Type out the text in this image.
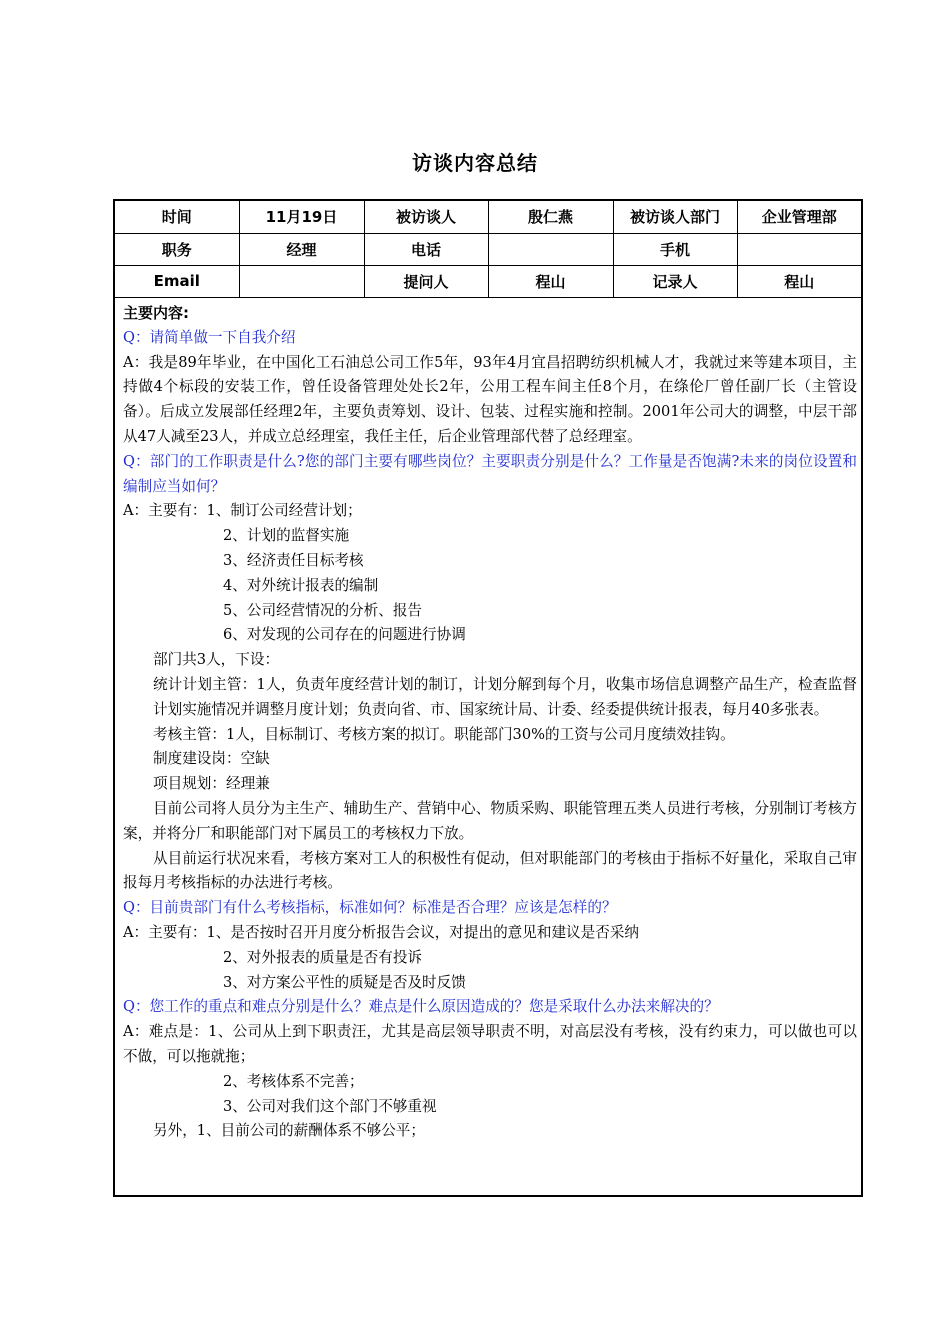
访谈内容总结
时间	11月19日	被访谈人	殷仁燕	被访谈人部门	企业管理部
职务	经理	电话		手机	
Email		提问人	程山	记录人	程山
主要内容:
Q：请简单做一下自我介绍
A：我是89年毕业，在中国化工石油总公司工作5年，93年4月宜昌招聘纺织机械人才，我就过来等建本项目，主持做4个标段的安装工作，曾任设备管理处处长2年，公用工程车间主任8个月，在绦伦厂曾任副厂长（主管设备）。后成立发展部任经理2年，主要负责筹划、设计、包装、过程实施和控制。2001年公司大的调整，中层干部从47人减至23人，并成立总经理室，我任主任，后企业管理部代替了总经理室。
Q：部门的工作职责是什么?您的部门主要有哪些岗位？主要职责分别是什么？工作量是否饱满?未来的岗位设置和编制应当如何？
A：主要有：1、制订公司经营计划；
2、计划的监督实施
3、经济责任目标考核
4、对外统计报表的编制
5、公司经营情况的分析、报告
6、对发现的公司存在的问题进行协调
部门共3人，下设：
统计计划主管：1人，负责年度经营计划的制订，计划分解到每个月，收集市场信息调整产品生产，检查监督计划实施情况并调整月度计划；负责向省、市、国家统计局、计委、经委提供统计报表，每月40多张表。
考核主管：1人，目标制订、考核方案的拟订。职能部门30%的工资与公司月度绩效挂钩。
制度建设岗：空缺
项目规划：经理兼
目前公司将人员分为主生产、辅助生产、营销中心、物质采购、职能管理五类人员进行考核，分别制订考核方案，并将分厂和职能部门对下属员工的考核权力下放。
从目前运行状况来看，考核方案对工人的积极性有促动，但对职能部门的考核由于指标不好量化，采取自己审报每月考核指标的办法进行考核。
Q：目前贵部门有什么考核指标，标准如何？标准是否合理？应该是怎样的？
A：主要有：1、是否按时召开月度分析报告会议，对提出的意见和建议是否采纳
2、对外报表的质量是否有投诉
3、对方案公平性的质疑是否及时反馈
Q：您工作的重点和难点分别是什么？难点是什么原因造成的？您是采取什么办法来解决的？
A：难点是：1、公司从上到下职责汪，尤其是高层领导职责不明，对高层没有考核，没有约束力，可以做也可以不做，可以拖就拖；
2、考核体系不完善；
3、公司对我们这个部门不够重视
另外，1、目前公司的薪酬体系不够公平；
